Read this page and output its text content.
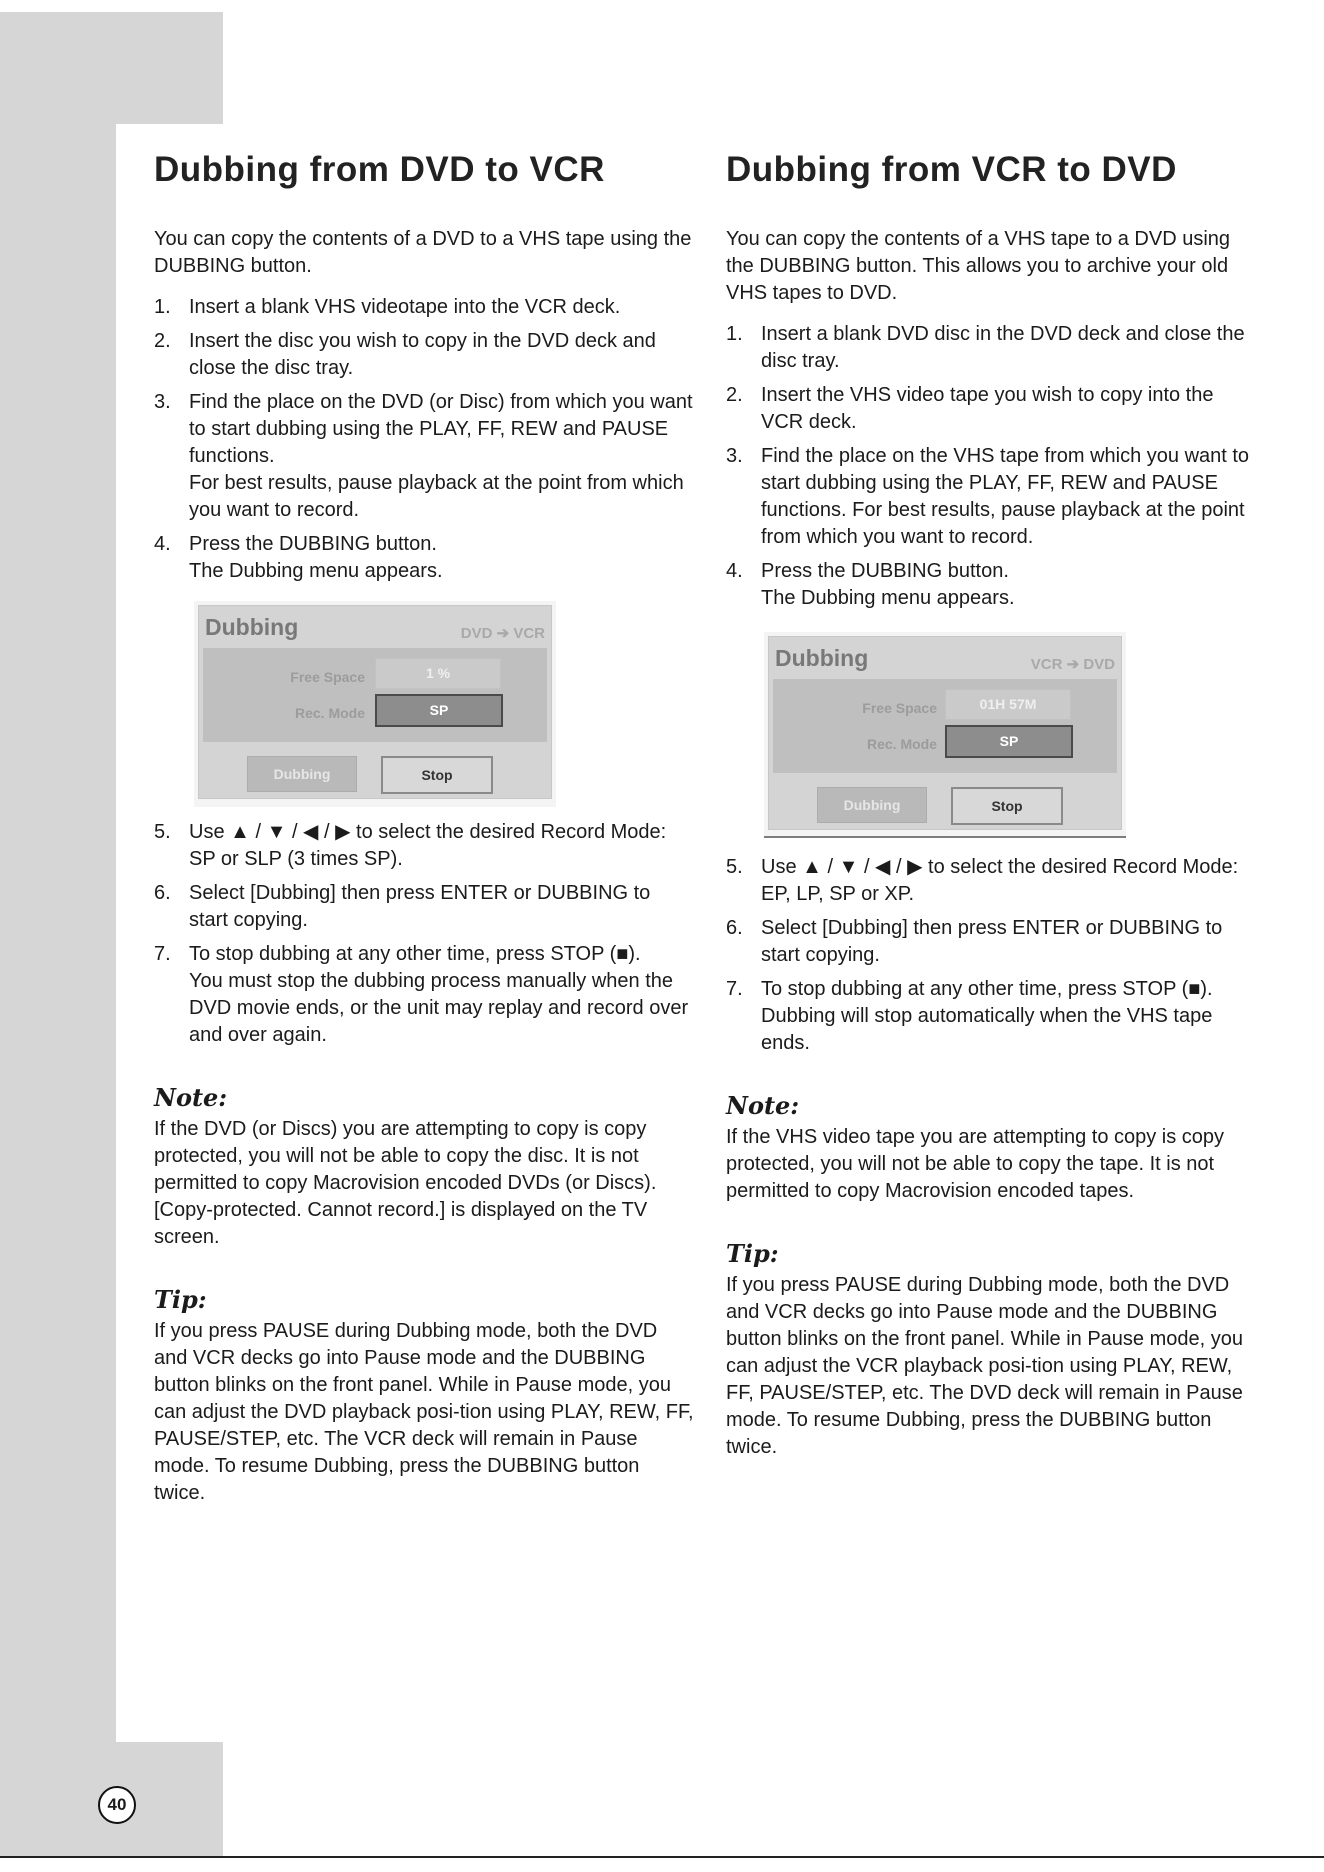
40
Dubbing from DVD to VCR

You can copy the contents of a DVD to a VHS tape using the DUBBING button.

1. Insert a blank VHS videotape into the VCR deck.
2. Insert the disc you wish to copy in the DVD deck and close the disc tray.
3. Find the place on the DVD (or Disc) from which you want to start dubbing using the PLAY, FF, REW and PAUSE functions.
For best results, pause playback at the point from which you want to record.
4. Press the DUBBING button.
The Dubbing menu appears.
Dubbing	DVD ➔ VCR
Free Space	1 %
Rec. Mode	SP
Dubbing	Stop
5. Use ▲ / ▼ / ◀ / ▶ to select the desired Record Mode: SP or SLP (3 times SP).
6. Select [Dubbing] then press ENTER or DUBBING to start copying.
7. To stop dubbing at any other time, press STOP (■).
You must stop the dubbing process manually when the DVD movie ends, or the unit may replay and record over and over again.
Note:

If the DVD (or Discs) you are attempting to copy is copy protected, you will not be able to copy the disc. It is not permitted to copy Macrovision encoded DVDs (or Discs). [Copy-protected. Cannot record.] is displayed on the TV screen.

Tip:

If you press PAUSE during Dubbing mode, both the DVD and VCR decks go into Pause mode and the DUBBING button blinks on the front panel. While in Pause mode, you can adjust the DVD playback posi-tion using PLAY, REW, FF, PAUSE/STEP, etc. The VCR deck will remain in Pause mode. To resume Dubbing, press the DUBBING button twice.

Dubbing from VCR to DVD

You can copy the contents of a VHS tape to a DVD using the DUBBING button. This allows you to archive your old VHS tapes to DVD.

1. Insert a blank DVD disc in the DVD deck and close the disc tray.
2. Insert the VHS video tape you wish to copy into the VCR deck.
3. Find the place on the VHS tape from which you want to start dubbing using the PLAY, FF, REW and PAUSE functions. For best results, pause playback at the point from which you want to record.
4. Press the DUBBING button.
The Dubbing menu appears.
Dubbing	VCR ➔ DVD
Free Space	01H 57M
Rec. Mode	SP
Dubbing	Stop
5. Use ▲ / ▼ / ◀ / ▶ to select the desired Record Mode: EP, LP, SP or XP.
6. Select [Dubbing] then press ENTER or DUBBING to start copying.
7. To stop dubbing at any other time, press STOP (■).
Dubbing will stop automatically when the VHS tape ends.
Note:

If the VHS video tape you are attempting to copy is copy protected, you will not be able to copy the tape. It is not permitted to copy Macrovision encoded tapes.

Tip:

If you press PAUSE during Dubbing mode, both the DVD and VCR decks go into Pause mode and the DUBBING button blinks on the front panel. While in Pause mode, you can adjust the VCR playback posi-tion using PLAY, REW, FF, PAUSE/STEP, etc. The DVD deck will remain in Pause mode. To resume Dubbing, press the DUBBING button twice.
